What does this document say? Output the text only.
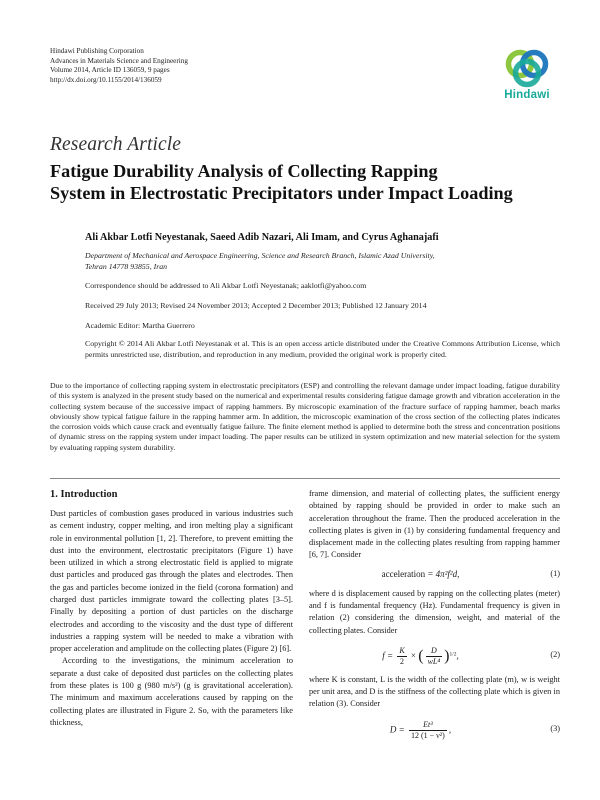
Hindawi Publishing Corporation
Advances in Materials Science and Engineering
Volume 2014, Article ID 136059, 9 pages
http://dx.doi.org/10.1155/2014/136059
Hindawi
Research Article
Fatigue Durability Analysis of Collecting Rapping
System in Electrostatic Precipitators under Impact Loading
Ali Akbar Lotfi Neyestanak, Saeed Adib Nazari, Ali Imam, and Cyrus Aghanajafi
Department of Mechanical and Aerospace Engineering, Science and Research Branch, Islamic Azad University,
Tehran 14778 93855, Iran
Correspondence should be addressed to Ali Akbar Lotfi Neyestanak; aaklotfi@yahoo.com
Received 29 July 2013; Revised 24 November 2013; Accepted 2 December 2013; Published 12 January 2014
Academic Editor: Martha Guerrero
Copyright © 2014 Ali Akbar Lotfi Neyestanak et al. This is an open access article distributed under the Creative Commons Attribution License, which permits unrestricted use, distribution, and reproduction in any medium, provided the original work is properly cited.
Due to the importance of collecting rapping system in electrostatic precipitators (ESP) and controlling the relevant damage under impact loading, fatigue durability of this system is analyzed in the present study based on the numerical and experimental results considering fatigue damage growth and vibration acceleration in the collecting system because of the successive impact of rapping hammers. By microscopic examination of the fracture surface of rapping hammer, beach marks obviously show typical fatigue failure in the rapping hammer arm. In addition, the microscopic examination of the cross section of the collecting plates indicates the corrosion voids which cause crack and eventually fatigue failure. The finite element method is applied to determine both the stress and concentration positions of dynamic stress on the rapping system under impact loading. The paper results can be utilized in system optimization and new material selection for the system by evaluating rapping system durability.
1. Introduction

Dust particles of combustion gases produced in various industries such as cement industry, copper melting, and iron melting play a significant role in environmental pollution [1, 2]. Therefore, to prevent emitting the dust into the environment, electrostatic precipitators (Figure 1) have been utilized in which a strong electrostatic field is applied to migrate dust particles and produced gas through the plates and electrodes. Then the gas and particles become ionized in the field (corona formation) and charged dust particles immigrate toward the collecting plates [3–5]. Finally by depositing a portion of dust particles on the discharge electrodes and according to the viscosity and the dust type of different industries a rapping system will be needed to make a vibration with proper acceleration and amplitude on the collecting plates (Figure 2) [6].

According to the investigations, the minimum acceleration to separate a dust cake of deposited dust particles on the collecting plates from these plates is 100 g (980 m/s²) (g is gravitational acceleration). The minimum and maximum accelerations caused by rapping on the collecting plates are illustrated in Figure 2. So, with the parameters like thickness,

frame dimension, and material of collecting plates, the sufficient energy obtained by rapping should be provided in order to make such an acceleration throughout the frame. Then the produced acceleration in the collecting plates is given in (1) by considering fundamental frequency and displacement made in the collecting plates resulting from rapping hammer [6, 7]. Consider

acceleration = 4π²f²d,	(1)

where d is displacement caused by rapping on the collecting plates (meter) and f is fundamental frequency (Hz). Fundamental frequency is given in relation (2) considering the dimension, weight, and material of the collecting plates. Consider

$f = \frac{K}{2}$ × ( $\frac{D}{\text{wL⁴}} )^{1/2}$,	(2)

where K is constant, L is the width of the collecting plate (m), w is weight per unit area, and D is the stiffness of the collecting plate which is given in relation (3). Consider

$D = \frac{\text{Et³}}{\text{12 (1 − ν²)}}$ ,	(3)
